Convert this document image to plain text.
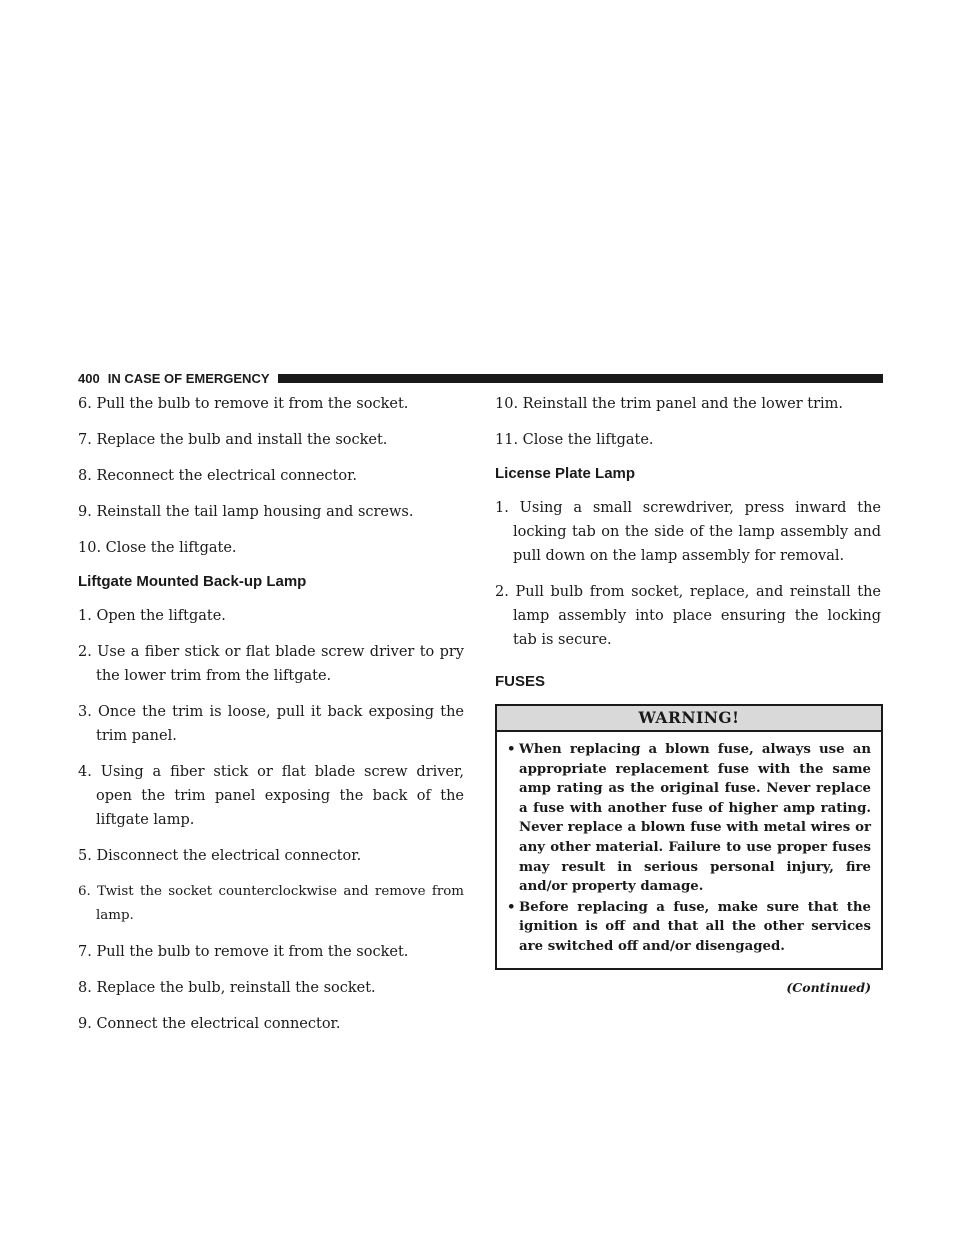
400 IN CASE OF EMERGENCY

6. Pull the bulb to remove it from the socket.

7. Replace the bulb and install the socket.

8. Reconnect the electrical connector.

9. Reinstall the tail lamp housing and screws.

10. Close the liftgate.

Liftgate Mounted Back-up Lamp

1. Open the liftgate.

2. Use a fiber stick or flat blade screw driver to pry the lower trim from the liftgate.

3. Once the trim is loose, pull it back exposing the trim panel.

4. Using a fiber stick or flat blade screw driver, open the trim panel exposing the back of the liftgate lamp.

5. Disconnect the electrical connector.

6. Twist the socket counterclockwise and remove from lamp.

7. Pull the bulb to remove it from the socket.

8. Replace the bulb, reinstall the socket.

9. Connect the electrical connector.

10. Reinstall the trim panel and the lower trim.

11. Close the liftgate.

License Plate Lamp

1. Using a small screwdriver, press inward the locking tab on the side of the lamp assembly and pull down on the lamp assembly for removal.

2. Pull bulb from socket, replace, and reinstall the lamp assembly into place ensuring the locking tab is secure.

FUSES
WARNING!
• When replacing a blown fuse, always use an appropriate replacement fuse with the same amp rating as the original fuse. Never replace a fuse with another fuse of higher amp rating. Never replace a blown fuse with metal wires or any other material. Failure to use proper fuses may result in serious personal injury, fire and/or property damage.
• Before replacing a fuse, make sure that the ignition is off and that all the other services are switched off and/or disengaged.
(Continued)
